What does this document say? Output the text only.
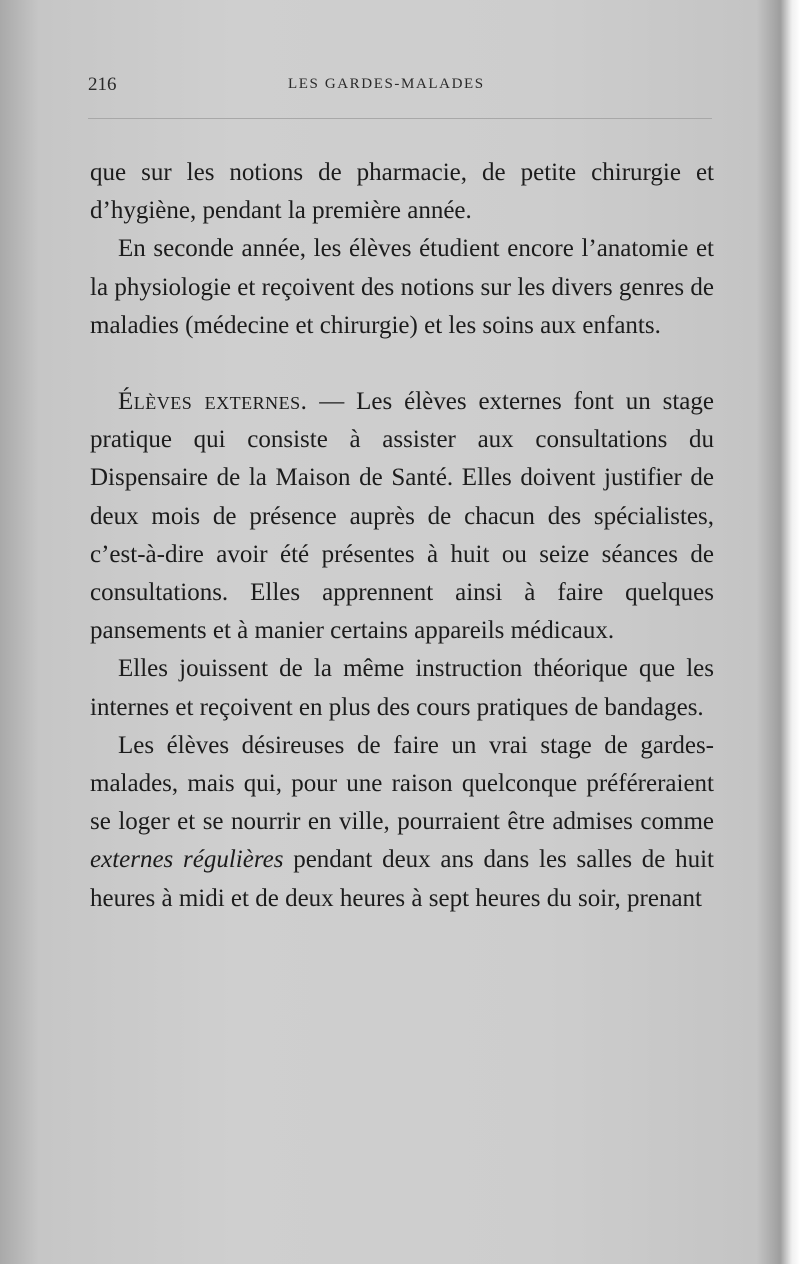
216	LES GARDES-MALADES

que sur les notions de pharmacie, de petite chirurgie et d’hygiène, pendant la première année.

En seconde année, les élèves étudient encore l’anatomie et la physiologie et reçoivent des notions sur les divers genres de maladies (médecine et chirurgie) et les soins aux enfants.

Élèves externes. — Les élèves externes font un stage pratique qui consiste à assister aux consultations du Dispensaire de la Maison de Santé. Elles doivent justifier de deux mois de présence auprès de chacun des spécialistes, c’est-à-dire avoir été présentes à huit ou seize séances de consultations. Elles apprennent ainsi à faire quelques pansements et à manier certains appareils médicaux.

Elles jouissent de la même instruction théorique que les internes et reçoivent en plus des cours pratiques de bandages.

Les élèves désireuses de faire un vrai stage de gardes-malades, mais qui, pour une raison quelconque préféreraient se loger et se nourrir en ville, pourraient être admises comme externes régulières pendant deux ans dans les salles de huit heures à midi et de deux heures à sept heures du soir, prenant
